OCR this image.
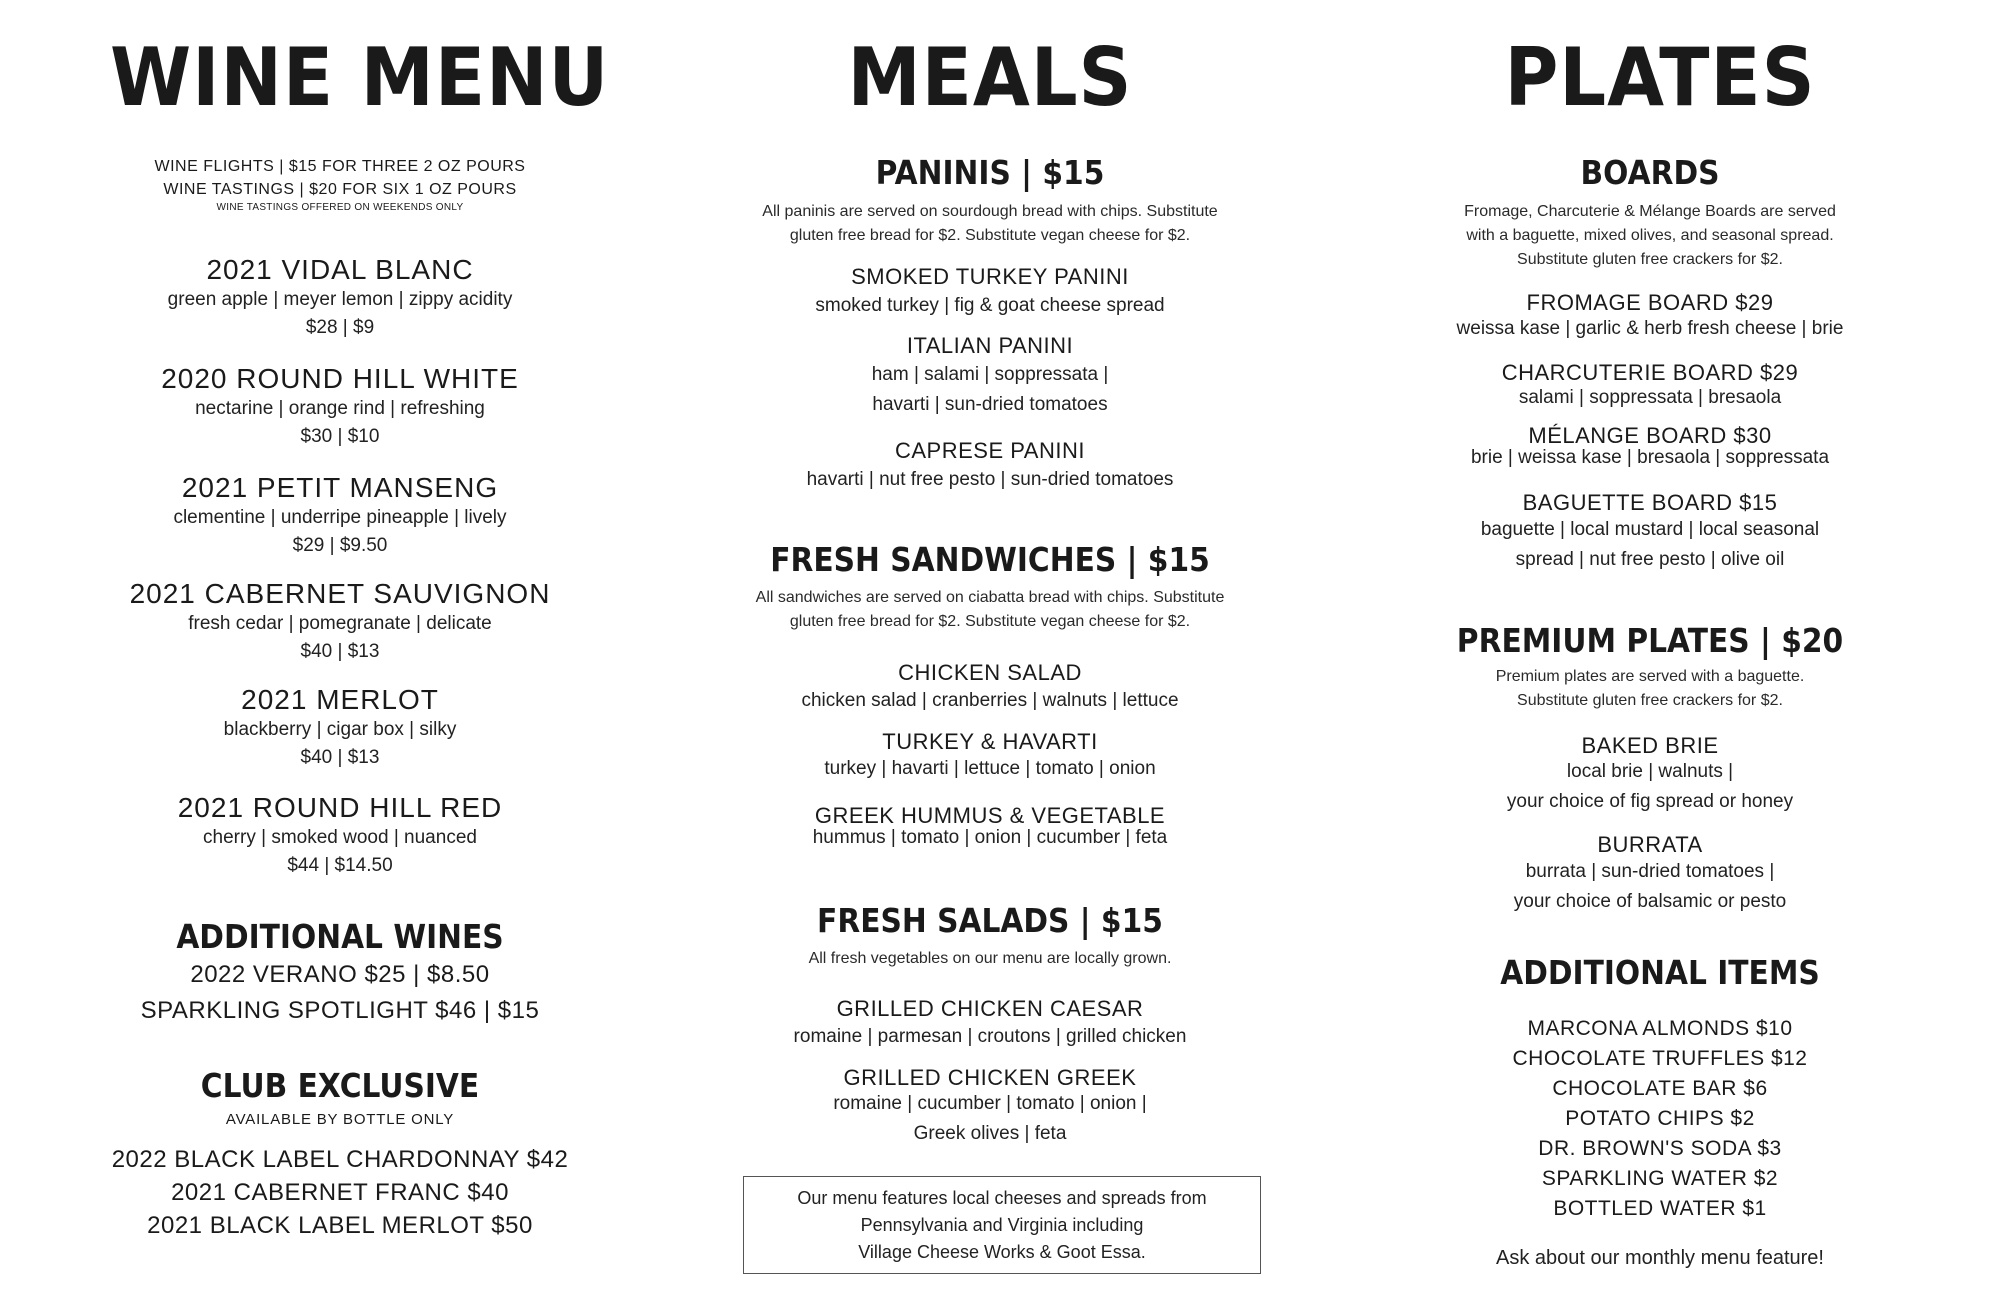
WINE MENU
WINE FLIGHTS | $15 FOR THREE 2 OZ POURS
WINE TASTINGS | $20 FOR SIX 1 OZ POURS
WINE TASTINGS OFFERED ON WEEKENDS ONLY
2021 VIDAL BLANC
green apple | meyer lemon | zippy acidity
$28 | $9
2020 ROUND HILL WHITE
nectarine | orange rind | refreshing
$30 | $10
2021 PETIT MANSENG
clementine | underripe pineapple | lively
$29 | $9.50
2021 CABERNET SAUVIGNON
fresh cedar | pomegranate | delicate
$40 | $13
2021 MERLOT
blackberry | cigar box | silky
$40 | $13
2021 ROUND HILL RED
cherry | smoked wood | nuanced
$44 | $14.50
ADDITIONAL WINES
2022 VERANO $25 | $8.50
SPARKLING SPOTLIGHT $46 | $15
CLUB EXCLUSIVE
AVAILABLE BY BOTTLE ONLY
2022 BLACK LABEL CHARDONNAY $42
2021 CABERNET FRANC $40
2021 BLACK LABEL MERLOT $50
MEALS
PANINIS | $15
All paninis are served on sourdough bread with chips. Substitute
gluten free bread for $2. Substitute vegan cheese for $2.
SMOKED TURKEY PANINI
smoked turkey | fig & goat cheese spread
ITALIAN PANINI
ham | salami | soppressata |
havarti | sun-dried tomatoes
CAPRESE PANINI
havarti | nut free pesto | sun-dried tomatoes
FRESH SANDWICHES | $15
All sandwiches are served on ciabatta bread with chips. Substitute
gluten free bread for $2. Substitute vegan cheese for $2.
CHICKEN SALAD
chicken salad | cranberries | walnuts | lettuce
TURKEY & HAVARTI
turkey | havarti | lettuce | tomato | onion
GREEK HUMMUS & VEGETABLE
hummus | tomato | onion | cucumber | feta
FRESH SALADS | $15
All fresh vegetables on our menu are locally grown.
GRILLED CHICKEN CAESAR
romaine | parmesan | croutons | grilled chicken
GRILLED CHICKEN GREEK
romaine | cucumber | tomato | onion |
Greek olives | feta
Our menu features local cheeses and spreads from
Pennsylvania and Virginia including
Village Cheese Works & Goot Essa.
PLATES
BOARDS
Fromage, Charcuterie & Mélange Boards are served
with a baguette, mixed olives, and seasonal spread.
Substitute gluten free crackers for $2.
FROMAGE BOARD $29
weissa kase | garlic & herb fresh cheese | brie
CHARCUTERIE BOARD $29
salami | soppressata | bresaola
MÉLANGE BOARD $30
brie | weissa kase | bresaola | soppressata
BAGUETTE BOARD $15
baguette | local mustard | local seasonal
spread | nut free pesto | olive oil
PREMIUM PLATES | $20
Premium plates are served with a baguette.
Substitute gluten free crackers for $2.
BAKED BRIE
local brie | walnuts |
your choice of fig spread or honey
BURRATA
burrata | sun-dried tomatoes |
your choice of balsamic or pesto
ADDITIONAL ITEMS
MARCONA ALMONDS $10
CHOCOLATE TRUFFLES $12
CHOCOLATE BAR $6
POTATO CHIPS $2
DR. BROWN'S SODA $3
SPARKLING WATER $2
BOTTLED WATER $1
Ask about our monthly menu feature!
